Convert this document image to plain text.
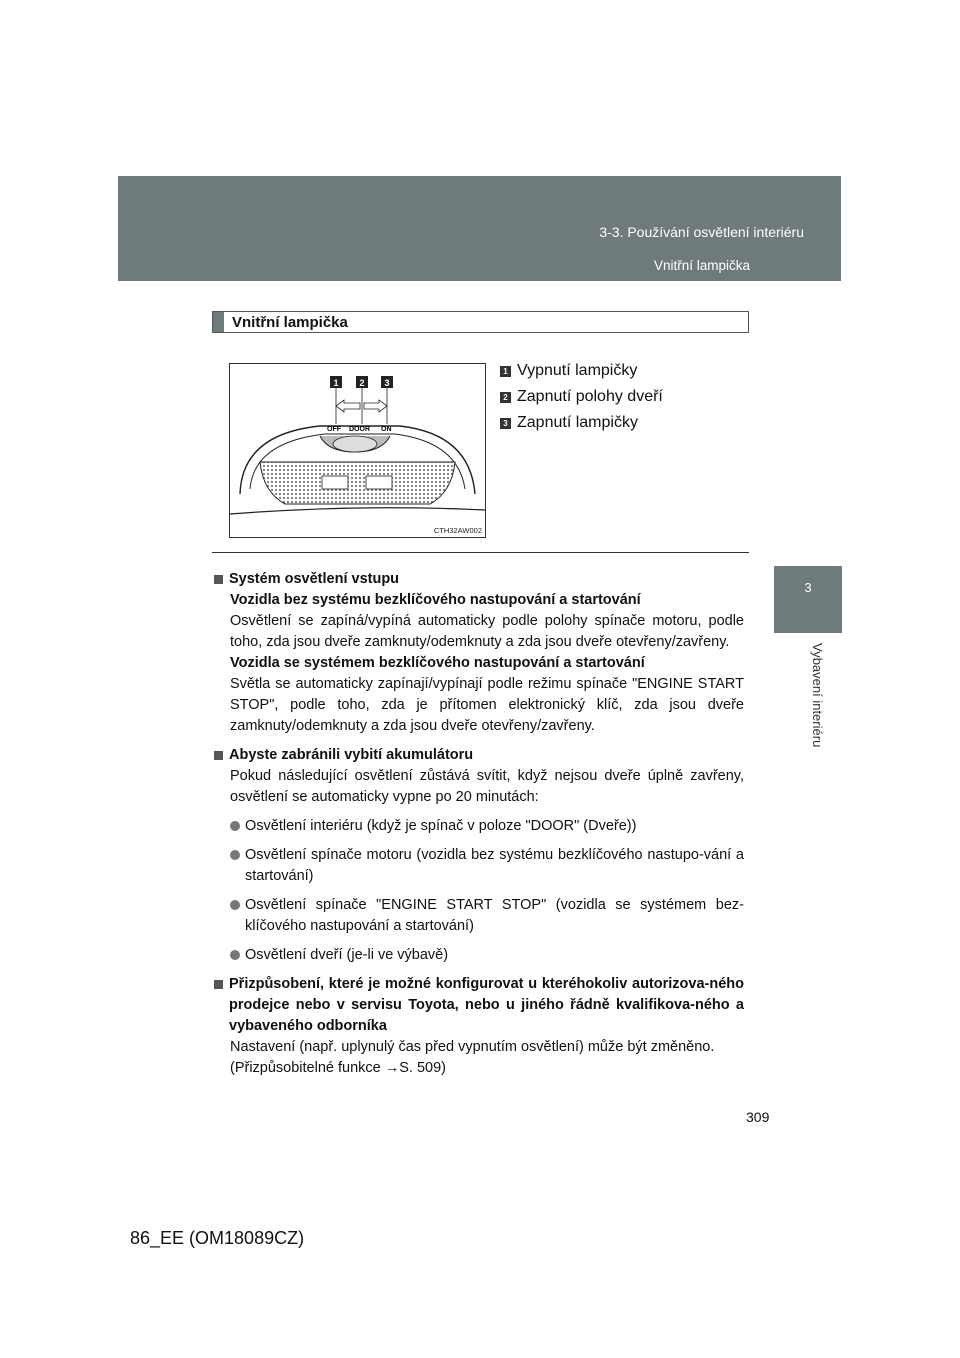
3-3. Používání osvětlení interiéru
Vnitřní lampička
3
Vybavení interiéru
Vnitřní lampička
OFF DOOR ON
1 2 3
CTH32AW002
1 Vypnutí lampičky
2 Zapnutí polohy dveří
3 Zapnutí lampičky
Systém osvětlení vstupu

Vozidla bez systému bezklíčového nastupování a startování

Osvětlení se zapíná/vypíná automaticky podle polohy spínače motoru, podle toho, zda jsou dveře zamknuty/odemknuty a zda jsou dveře otevřeny/zavřeny.

Vozidla se systémem bezklíčového nastupování a startování

Světla se automaticky zapínají/vypínají podle režimu spínače "ENGINE START STOP", podle toho, zda je přítomen elektronický klíč, zda jsou dveře zamknuty/odemknuty a zda jsou dveře otevřeny/zavřeny.

Abyste zabránili vybití akumulátoru

Pokud následující osvětlení zůstává svítit, když nejsou dveře úplně zavřeny, osvětlení se automaticky vypne po 20 minutách:

Osvětlení interiéru (když je spínač v poloze "DOOR" (Dveře))
Osvětlení spínače motoru (vozidla bez systému bezklíčového nastupo-vání a startování)
Osvětlení spínače "ENGINE START STOP" (vozidla se systémem bez-klíčového nastupování a startování)
Osvětlení dveří (je-li ve výbavě)
Přizpůsobení, které je možné konfigurovat u kteréhokoliv autorizova-ného prodejce nebo v servisu Toyota, nebo u jiného řádně kvalifikova-ného a vybaveného odborníka

Nastavení (např. uplynulý čas před vypnutím osvětlení) může být změněno.

(Přizpůsobitelné funkce →S. 509)

309
86_EE (OM18089CZ)
